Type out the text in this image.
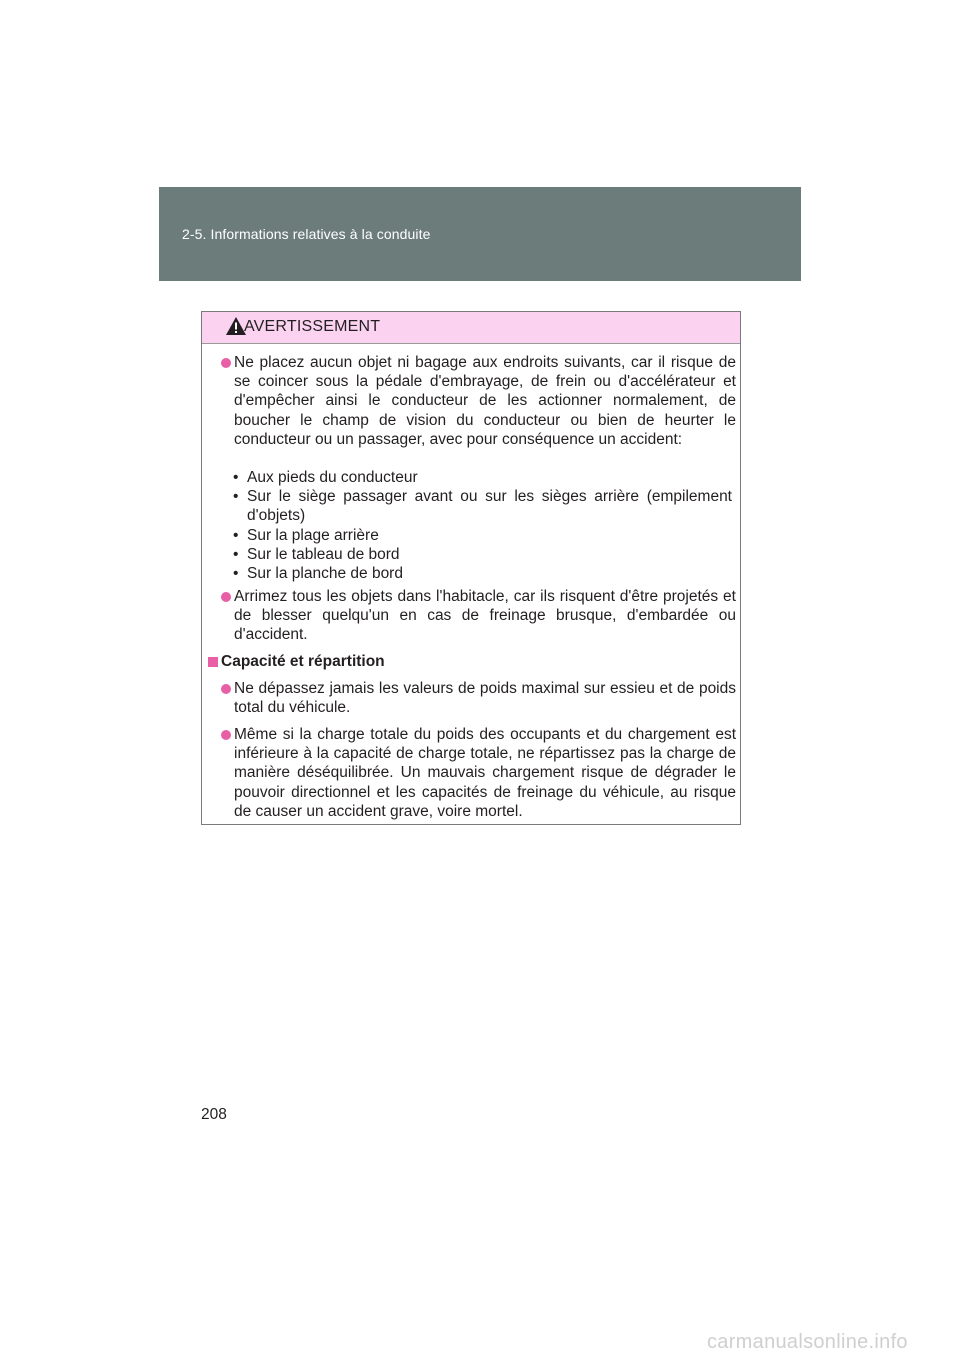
2-5. Informations relatives à la conduite
AVERTISSEMENT
Ne placez aucun objet ni bagage aux endroits suivants, car il risque de se coincer sous la pédale d'embrayage, de frein ou d'accélérateur et d'empêcher ainsi le conducteur de les actionner normalement, de boucher le champ de vision du conducteur ou bien de heurter le conducteur ou un passager, avec pour conséquence un accident:
• Aux pieds du conducteur
• Sur le siège passager avant ou sur les sièges arrière (empilement d'objets)
• Sur la plage arrière
• Sur le tableau de bord
• Sur la planche de bord
Arrimez tous les objets dans l'habitacle, car ils risquent d'être projetés et de blesser quelqu'un en cas de freinage brusque, d'embardée ou d'accident.
Capacité et répartition
Ne dépassez jamais les valeurs de poids maximal sur essieu et de poids total du véhicule.
Même si la charge totale du poids des occupants et du chargement est inférieure à la capacité de charge totale, ne répartissez pas la charge de manière déséquilibrée. Un mauvais chargement risque de dégrader le pouvoir directionnel et les capacités de freinage du véhicule, au risque de causer un accident grave, voire mortel.
208
carmanualsonline.info
